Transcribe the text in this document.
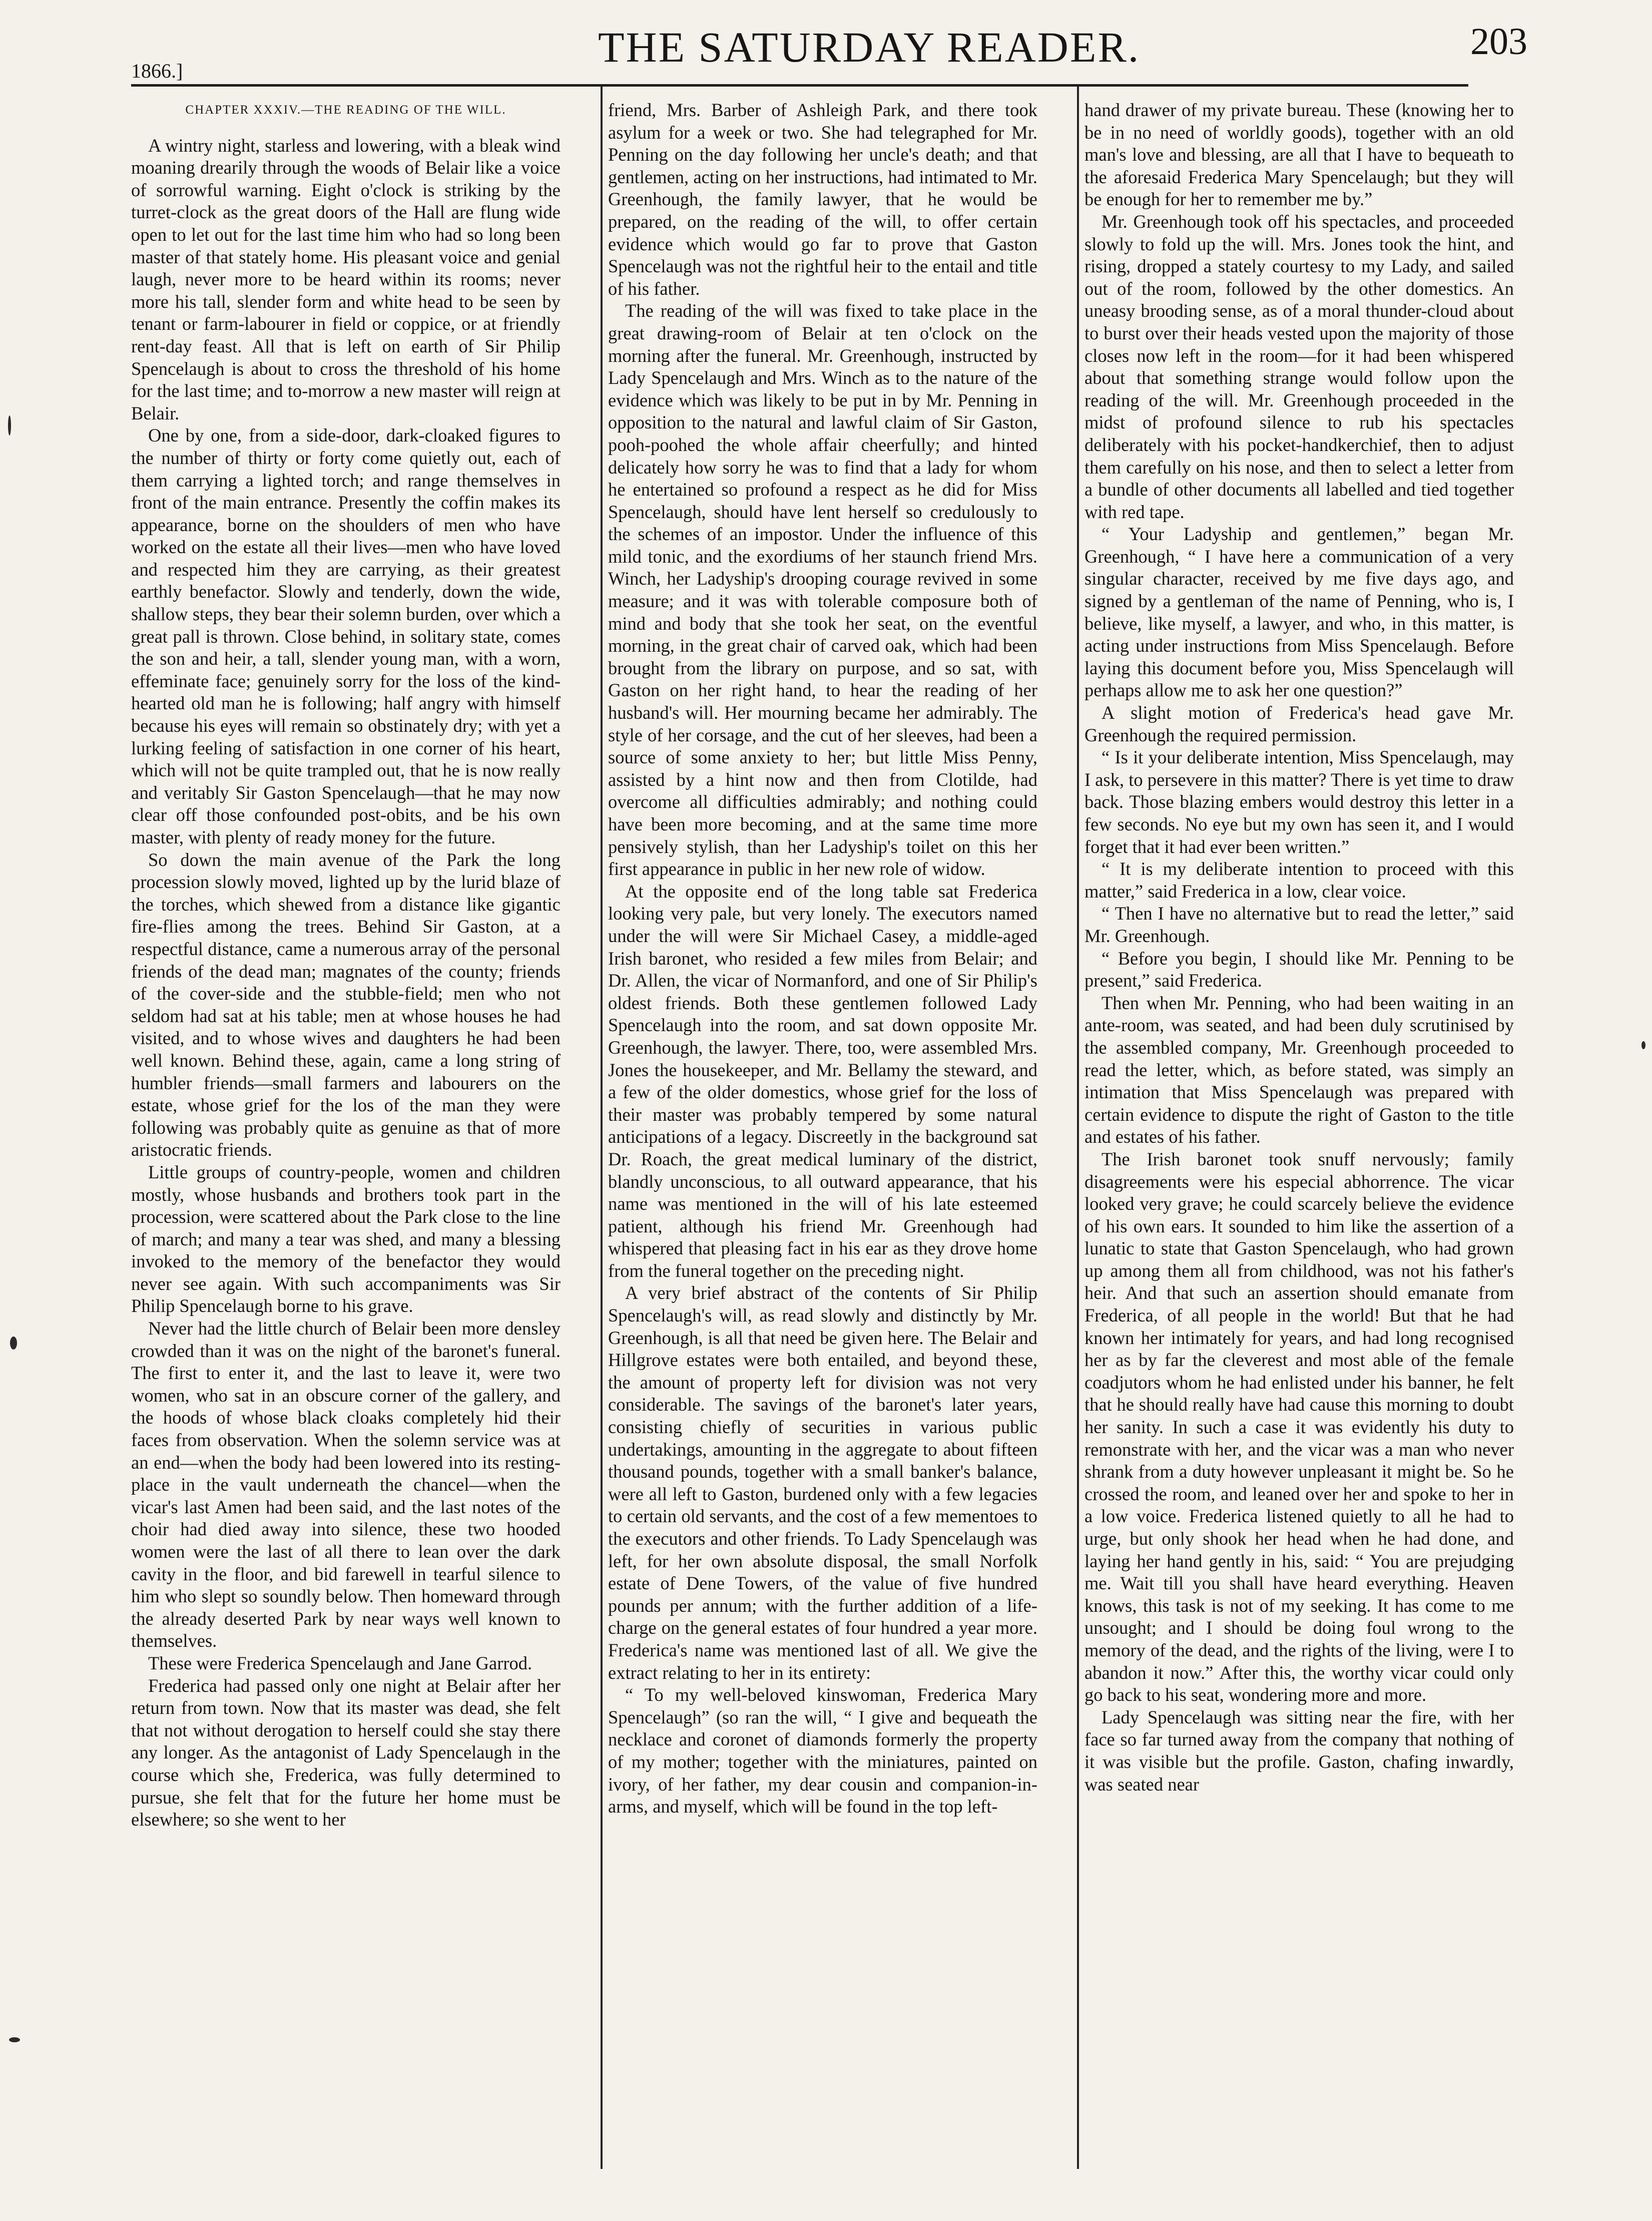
1866.]	THE SATURDAY READER.	203

CHAPTER XXXIV.—THE READING OF THE WILL.

A wintry night, starless and lowering, with a bleak wind moaning drearily through the woods of Belair like a voice of sorrowful warning. Eight o'clock is striking by the turret-clock as the great doors of the Hall are flung wide open to let out for the last time him who had so long been master of that stately home. His pleasant voice and genial laugh, never more to be heard within its rooms; never more his tall, slender form and white head to be seen by tenant or farm-labourer in field or coppice, or at friendly rent-day feast. All that is left on earth of Sir Philip Spencelaugh is about to cross the threshold of his home for the last time; and to-morrow a new master will reign at Belair.

One by one, from a side-door, dark-cloaked figures to the number of thirty or forty come quietly out, each of them carrying a lighted torch; and range themselves in front of the main entrance. Presently the coffin makes its appearance, borne on the shoulders of men who have worked on the estate all their lives—men who have loved and respected him they are carrying, as their greatest earthly benefactor. Slowly and tenderly, down the wide, shallow steps, they bear their solemn burden, over which a great pall is thrown. Close behind, in solitary state, comes the son and heir, a tall, slender young man, with a worn, effeminate face; genuinely sorry for the loss of the kind-hearted old man he is following; half angry with himself because his eyes will remain so obstinately dry; with yet a lurking feeling of satisfaction in one corner of his heart, which will not be quite trampled out, that he is now really and veritably Sir Gaston Spencelaugh—that he may now clear off those confounded post-obits, and be his own master, with plenty of ready money for the future.

So down the main avenue of the Park the long procession slowly moved, lighted up by the lurid blaze of the torches, which shewed from a distance like gigantic fire-flies among the trees. Behind Sir Gaston, at a respectful distance, came a numerous array of the personal friends of the dead man; magnates of the county; friends of the cover-side and the stubble-field; men who not seldom had sat at his table; men at whose houses he had visited, and to whose wives and daughters he had been well known. Behind these, again, came a long string of humbler friends—small farmers and labourers on the estate, whose grief for the los of the man they were following was probably quite as genuine as that of more aristocratic friends.

Little groups of country-people, women and children mostly, whose husbands and brothers took part in the procession, were scattered about the Park close to the line of march; and many a tear was shed, and many a blessing invoked to the memory of the benefactor they would never see again. With such accompaniments was Sir Philip Spencelaugh borne to his grave.

Never had the little church of Belair been more densley crowded than it was on the night of the baronet's funeral. The first to enter it, and the last to leave it, were two women, who sat in an obscure corner of the gallery, and the hoods of whose black cloaks completely hid their faces from observation. When the solemn service was at an end—when the body had been lowered into its resting-place in the vault underneath the chancel—when the vicar's last Amen had been said, and the last notes of the choir had died away into silence, these two hooded women were the last of all there to lean over the dark cavity in the floor, and bid farewell in tearful silence to him who slept so soundly below. Then homeward through the already deserted Park by near ways well known to themselves.

These were Frederica Spencelaugh and Jane Garrod.

Frederica had passed only one night at Belair after her return from town. Now that its master was dead, she felt that not without derogation to herself could she stay there any longer. As the antagonist of Lady Spencelaugh in the course which she, Frederica, was fully determined to pursue, she felt that for the future her home must be elsewhere; so she went to her

friend, Mrs. Barber of Ashleigh Park, and there took asylum for a week or two. She had telegraphed for Mr. Penning on the day following her uncle's death; and that gentlemen, acting on her instructions, had intimated to Mr. Greenhough, the family lawyer, that he would be prepared, on the reading of the will, to offer certain evidence which would go far to prove that Gaston Spencelaugh was not the rightful heir to the entail and title of his father.

The reading of the will was fixed to take place in the great drawing-room of Belair at ten o'clock on the morning after the funeral. Mr. Greenhough, instructed by Lady Spencelaugh and Mrs. Winch as to the nature of the evidence which was likely to be put in by Mr. Penning in opposition to the natural and lawful claim of Sir Gaston, pooh-poohed the whole affair cheerfully; and hinted delicately how sorry he was to find that a lady for whom he entertained so profound a respect as he did for Miss Spencelaugh, should have lent herself so credulously to the schemes of an impostor. Under the influence of this mild tonic, and the exordiums of her staunch friend Mrs. Winch, her Ladyship's drooping courage revived in some measure; and it was with tolerable composure both of mind and body that she took her seat, on the eventful morning, in the great chair of carved oak, which had been brought from the library on purpose, and so sat, with Gaston on her right hand, to hear the reading of her husband's will. Her mourning became her admirably. The style of her corsage, and the cut of her sleeves, had been a source of some anxiety to her; but little Miss Penny, assisted by a hint now and then from Clotilde, had overcome all difficulties admirably; and nothing could have been more becoming, and at the same time more pensively stylish, than her Ladyship's toilet on this her first appearance in public in her new role of widow.

At the opposite end of the long table sat Frederica looking very pale, but very lonely. The executors named under the will were Sir Michael Casey, a middle-aged Irish baronet, who resided a few miles from Belair; and Dr. Allen, the vicar of Normanford, and one of Sir Philip's oldest friends. Both these gentlemen followed Lady Spencelaugh into the room, and sat down opposite Mr. Greenhough, the lawyer. There, too, were assembled Mrs. Jones the housekeeper, and Mr. Bellamy the steward, and a few of the older domestics, whose grief for the loss of their master was probably tempered by some natural anticipations of a legacy. Discreetly in the background sat Dr. Roach, the great medical luminary of the district, blandly unconscious, to all outward appearance, that his name was mentioned in the will of his late esteemed patient, although his friend Mr. Greenhough had whispered that pleasing fact in his ear as they drove home from the funeral together on the preceding night.

A very brief abstract of the contents of Sir Philip Spencelaugh's will, as read slowly and distinctly by Mr. Greenhough, is all that need be given here. The Belair and Hillgrove estates were both entailed, and beyond these, the amount of property left for division was not very considerable. The savings of the baronet's later years, consisting chiefly of securities in various public undertakings, amounting in the aggregate to about fifteen thousand pounds, together with a small banker's balance, were all left to Gaston, burdened only with a few legacies to certain old servants, and the cost of a few mementoes to the executors and other friends. To Lady Spencelaugh was left, for her own absolute disposal, the small Norfolk estate of Dene Towers, of the value of five hundred pounds per annum; with the further addition of a life-charge on the general estates of four hundred a year more. Frederica's name was mentioned last of all. We give the extract relating to her in its entirety:

“ To my well-beloved kinswoman, Frederica Mary Spencelaugh” (so ran the will, “ I give and bequeath the necklace and coronet of diamonds formerly the property of my mother; together with the miniatures, painted on ivory, of her father, my dear cousin and companion-in-arms, and myself, which will be found in the top left-

hand drawer of my private bureau. These (knowing her to be in no need of worldly goods), together with an old man's love and blessing, are all that I have to bequeath to the aforesaid Frederica Mary Spencelaugh; but they will be enough for her to remember me by.”

Mr. Greenhough took off his spectacles, and proceeded slowly to fold up the will. Mrs. Jones took the hint, and rising, dropped a stately courtesy to my Lady, and sailed out of the room, followed by the other domestics. An uneasy brooding sense, as of a moral thunder-cloud about to burst over their heads vested upon the majority of those closes now left in the room—for it had been whispered about that something strange would follow upon the reading of the will. Mr. Greenhough proceeded in the midst of profound silence to rub his spectacles deliberately with his pocket-handkerchief, then to adjust them carefully on his nose, and then to select a letter from a bundle of other documents all labelled and tied together with red tape.

“ Your Ladyship and gentlemen,” began Mr. Greenhough, “ I have here a communication of a very singular character, received by me five days ago, and signed by a gentleman of the name of Penning, who is, I believe, like myself, a lawyer, and who, in this matter, is acting under instructions from Miss Spencelaugh. Before laying this document before you, Miss Spencelaugh will perhaps allow me to ask her one question?”

A slight motion of Frederica's head gave Mr. Greenhough the required permission.

“ Is it your deliberate intention, Miss Spencelaugh, may I ask, to persevere in this matter? There is yet time to draw back. Those blazing embers would destroy this letter in a few seconds. No eye but my own has seen it, and I would forget that it had ever been written.”

“ It is my deliberate intention to proceed with this matter,” said Frederica in a low, clear voice.

“ Then I have no alternative but to read the letter,” said Mr. Greenhough.

“ Before you begin, I should like Mr. Penning to be present,” said Frederica.

Then when Mr. Penning, who had been waiting in an ante-room, was seated, and had been duly scrutinised by the assembled company, Mr. Greenhough proceeded to read the letter, which, as before stated, was simply an intimation that Miss Spencelaugh was prepared with certain evidence to dispute the right of Gaston to the title and estates of his father.

The Irish baronet took snuff nervously; family disagreements were his especial abhorrence. The vicar looked very grave; he could scarcely believe the evidence of his own ears. It sounded to him like the assertion of a lunatic to state that Gaston Spencelaugh, who had grown up among them all from childhood, was not his father's heir. And that such an assertion should emanate from Frederica, of all people in the world! But that he had known her intimately for years, and had long recognised her as by far the cleverest and most able of the female coadjutors whom he had enlisted under his banner, he felt that he should really have had cause this morning to doubt her sanity. In such a case it was evidently his duty to remonstrate with her, and the vicar was a man who never shrank from a duty however unpleasant it might be. So he crossed the room, and leaned over her and spoke to her in a low voice. Frederica listened quietly to all he had to urge, but only shook her head when he had done, and laying her hand gently in his, said: “ You are prejudging me. Wait till you shall have heard everything. Heaven knows, this task is not of my seeking. It has come to me unsought; and I should be doing foul wrong to the memory of the dead, and the rights of the living, were I to abandon it now.” After this, the worthy vicar could only go back to his seat, wondering more and more.

Lady Spencelaugh was sitting near the fire, with her face so far turned away from the company that nothing of it was visible but the profile. Gaston, chafing inwardly, was seated near
